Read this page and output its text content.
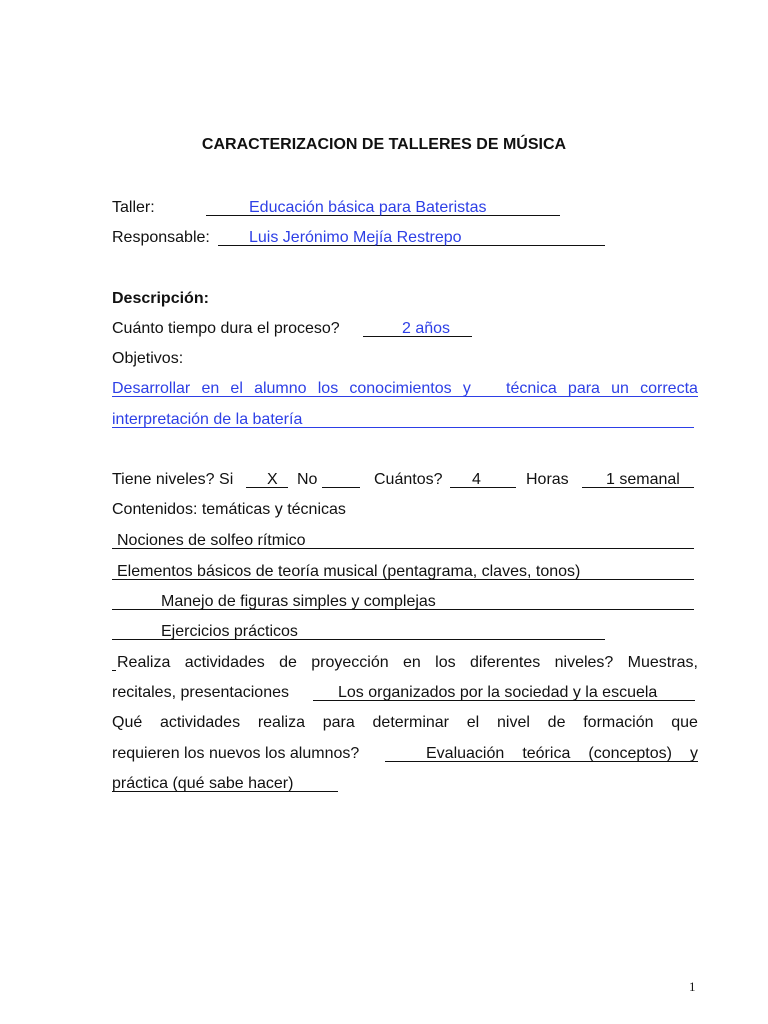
CARACTERIZACION DE TALLERES DE MÚSICA
Taller:	Educación básica para Bateristas
Responsable: Luis Jerónimo Mejía Restrepo
Descripción:
Cuánto tiempo dura el proceso?	2 años
Objetivos:
Desarrollar en el alumno los conocimientos y técnica para un correcta
interpretación de la batería
Tiene niveles? Si X No	Cuántos? 4	Horas 1 semanal
Contenidos: temáticas y técnicas
Nociones de solfeo rítmico
Elementos básicos de teoría musical (pentagrama, claves, tonos)
Manejo de figuras simples y complejas
Ejercicios prácticos
Realiza actividades de proyección en los diferentes niveles? Muestras,
recitales, presentaciones	Los organizados por la sociedad y la escuela
Qué actividades realiza para determinar el nivel de formación que
requieren los nuevos los alumnos?	Evaluación teórica (conceptos) y
práctica (qué sabe hacer)
1
